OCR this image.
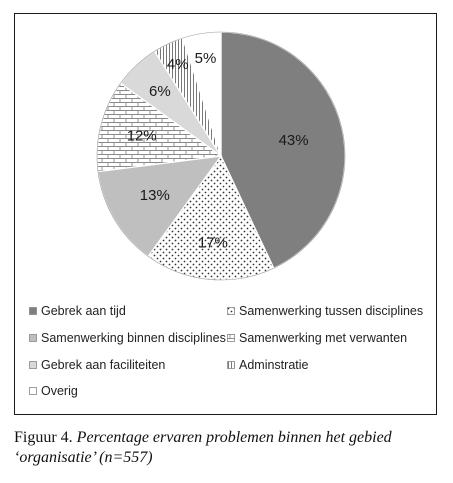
43%
17%
13%
12%
6%
4% 5%
Gebrek aan tijd	Samenwerking tussen disciplines
Samenwerking binnen disciplines Samenwerking met verwanten
Gebrek aan faciliteiten	Adminstratie
Overig
Figuur 4. Percentage ervaren problemen binnen het gebied ‘organisatie’ (n=557)
